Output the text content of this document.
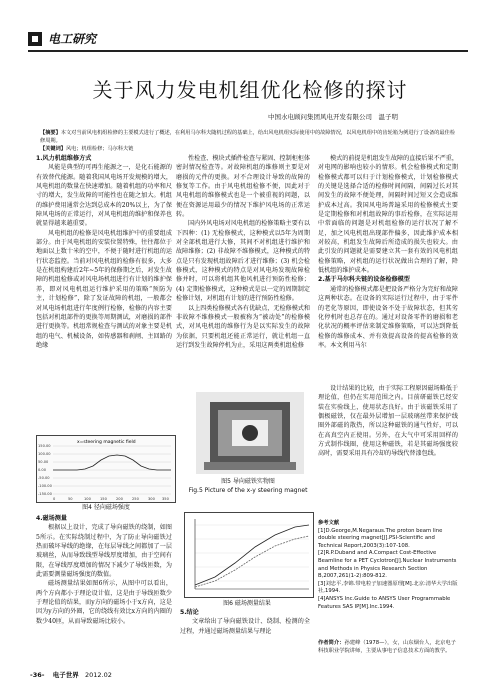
电工研究
关于风力发电机组优化检修的探讨
中国水电顾问集团风电开发有限公司　温子明
【摘要】本文对当前风电机组检修的主要模式进行了概述，在利用马尔科夫随机过程的基础上，给出风电机组实际使用中的故障情况，以风电机组中的齿轮箱为例进行了设备的最佳检修周期。
【关键词】风电；机组检修；马尔科夫链

1.风力机组维修方式

风能是典型的可再生能源之一，是化石能源的有效替代能源。随着我国风电场开发规模的增大，风电机组的数量在快速增加。随着机组的功率和尺寸的增大，发生故障的可能性也在随之加大。机组的维护费用通常会达到总成本的20%以上，为了保障风电场的正常运行，对风电机组的维护和保养也就显得越来越重要。

风电机组的检修是风电机组维护中的重要组成部分。由于风电机组的安装位置特殊，往往都位于地面以上数十米的空中，不便于随时进行机组的运行状态监控。当前对风电机组的检修有很多，大多是在机组构建后2年~5年的保修期之后，对发生故障的机组检修或对风电场机组进行有计划的维护保养，即对风电机组运行维护采用的策略“预防为主，计划检修”，除了发证故障的机组，一般都会对风电场机组进行年度例行检修，检修的内容主要包括对机组部件的更换等周期测试，对磨损的部件进行更换等。机组常规检查与测试的对象主要是机组的电气、机械设备，如传感器和刹闸、主回路的绝缘

性检查、模块式插件检查与紧固、控制柜柜体密封情况检查等。对故障机组的维修则主要是对磨损的元件的更换。对不合理设计导致的故障的修复等工作。由于风电机组检修不便，因此对于风电机组的维修模式也是一个被重视的问题，以便在资源运用最少的情况下维护风电场的正常运转。

国内外风电场对风电机组的检修策略主要有以下四种：(1) 无检修模式，这种模式以5年为周期对全部机组进行大修，其间不对机组进行维护和故障维修；(2) 非故障不维修模式，这种模式的特点是只有发现机组故障后才进行维修；(3) 机会检修模式，这种模式的特点是对风电场发现故障检修并时，可以将机组其他风机进行预防性检修；(4) 定期检修模式，这种模式是以一定的周期制定检修计划，对机组有计划的进行预防性检修。

以上四类检修模式各有优缺点，无检修模式和非故障不维修模式一般被称为“被动处”的检修模式，对风电机组的维修行为是以实际发生的故障为依据，只要机组还能正常运行，就让机组一直运行到发生故障停机为止，采用这两类机组检修

模式的前提是机组发生故障的直接后果不严重，对电网的影响也较小的情形。机会检修模式和定期检修模式都可以归于计划检修模式，计划检修模式的关键是选择合适的检修时间间隔，间隔过长对其间发生的故障不便处理，间隔时间过短又会造成维护成本过高。我国风电场普遍采用的检修模式主要是定期检修和对机组故障的事后检修，在实际运用中常面临的问题是对机组检修的运行状况了解不足，加之风电机组出现部件偏多，因此维护成本相对较高，机组发生故障后所造成的损失也较大。由此引发的问题就是需要建立其一套有效的风电机组检修策略，对机组的运行状况做出合理的了解，降低机组的维护成本。

2.基于马尔科夫链的设备检修模型

通常的检修模式都是把设备严格分为完好和故障这两种状态。在设备的实际运行过程中，由于零件的老化等原因，即使设备不处于故障状态，但其劣化停机时也总存在的。通过对设备零件的磨损和老化状况的概率评估来制定维修策略，可以达到降低检修的维修成本、并有效提高设备的提高检修的效率。本文利用马尔

x=steering magnetic field
150.00
100.00
50.00
0.00
-50.00
-100.00
-150.00
0	50	100	150	200	250	300 350
图4 径向磁场强度
图5 导向磁铁实物图
Fig.5 Picture of the x-y steering magnet
图6 磁场测量结果

4.磁场测量

根据以上设计，完成了导向磁铁的绕制，如图5所示。在实际绕制过程中，为了防止导向磁铁过热而破坏导线的绝缘，在每层导线之间都加了一层玻璃丝，从而导致线型导线厚度增加，由于空间有限，在导线厚度增加的情况下减少了导线匝数，为此需要测量磁场强度的数值。

磁场测量结果如图6所示，从图中可以看出，两个方向都小于理论设计值，这是由于导线匝数少于理论值的结果，而y方向的磁场小于x方向，这是因为y方向的外圈，它的绕线有效比x方向的内圈的数少40匝，从而导致磁场比较小。

5.结论

文章给出了导向磁铁设计、绕制、检测的全过程，并通过磁场测量结果与理论

设计结果的比较，由于实际工程原因磁场略低于理论值，但仍在实用范围之内。目前研磁铁已经安装在实验线上，使用状态良好。由于该磁铁采用了偶极磁铁，仅在最外层增加一层玻璃丝带来保护线圈外部磁的散热，所以这种磁铁的通气性好，可以在高真空内正使用。另外，在大气中可采用回样的方式制作线圈，使用这种磁铁，若是其磁场强度较高时，需要采用具有冷却的导线代替漆包线。

参考文献
[1]D.George,M.Negaraus.The proton beam line double steering magnet[J].PSI-Scientific and Technical Report,2003(3):107-108.
[2]R.P.Duband and A.Compact Cost-Effective Beamline for a PET Cyclotron[J].Nuclear Instruments and Methods in Physics Research Section B,2007,261(1-2):809-812.
[3]刘忠平,李锦.带电粒子加速器原理[M].北京:清华大学出版社,1994.
[4]ANSYS Inc.Guide to ANSYS User Programmable Features SAS IP[M].Inc.1994.
作者简介：孙建峰（1978—），女，山东烟台人，北京电子科技职业学院讲师，主要从事电子信息技术方面的教学。
-36- 电子世界 2012.02
